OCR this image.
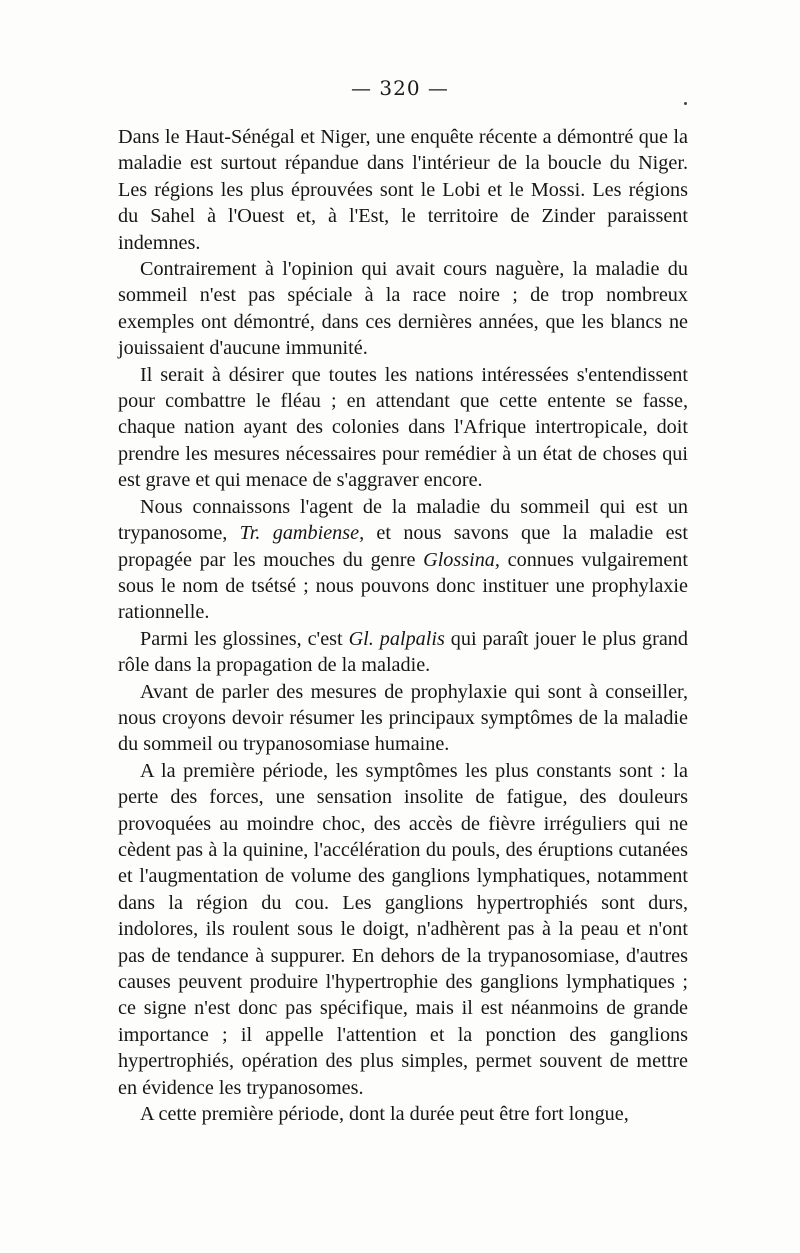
— 320 —

Dans le Haut-Sénégal et Niger, une enquête récente a démontré que la maladie est surtout répandue dans l'intérieur de la boucle du Niger. Les régions les plus éprouvées sont le Lobi et le Mossi. Les régions du Sahel à l'Ouest et, à l'Est, le territoire de Zinder paraissent indemnes.

Contrairement à l'opinion qui avait cours naguère, la maladie du sommeil n'est pas spéciale à la race noire ; de trop nombreux exemples ont démontré, dans ces dernières années, que les blancs ne jouissaient d'aucune immunité.

Il serait à désirer que toutes les nations intéressées s'entendissent pour combattre le fléau ; en attendant que cette entente se fasse, chaque nation ayant des colonies dans l'Afrique intertropicale, doit prendre les mesures nécessaires pour remédier à un état de choses qui est grave et qui menace de s'aggraver encore.

Nous connaissons l'agent de la maladie du sommeil qui est un trypanosome, Tr. gambiense, et nous savons que la maladie est propagée par les mouches du genre Glossina, connues vulgairement sous le nom de tsétsé ; nous pouvons donc instituer une prophylaxie rationnelle.

Parmi les glossines, c'est Gl. palpalis qui paraît jouer le plus grand rôle dans la propagation de la maladie.

Avant de parler des mesures de prophylaxie qui sont à conseiller, nous croyons devoir résumer les principaux symptômes de la maladie du sommeil ou trypanosomiase humaine.

A la première période, les symptômes les plus constants sont : la perte des forces, une sensation insolite de fatigue, des douleurs provoquées au moindre choc, des accès de fièvre irréguliers qui ne cèdent pas à la quinine, l'accélération du pouls, des éruptions cutanées et l'augmentation de volume des ganglions lymphatiques, notamment dans la région du cou. Les ganglions hypertrophiés sont durs, indolores, ils roulent sous le doigt, n'adhèrent pas à la peau et n'ont pas de tendance à suppurer. En dehors de la trypanosomiase, d'autres causes peuvent produire l'hypertrophie des ganglions lymphatiques ; ce signe n'est donc pas spécifique, mais il est néanmoins de grande importance ; il appelle l'attention et la ponction des ganglions hypertrophiés, opération des plus simples, permet souvent de mettre en évidence les trypanosomes.

A cette première période, dont la durée peut être fort longue,
